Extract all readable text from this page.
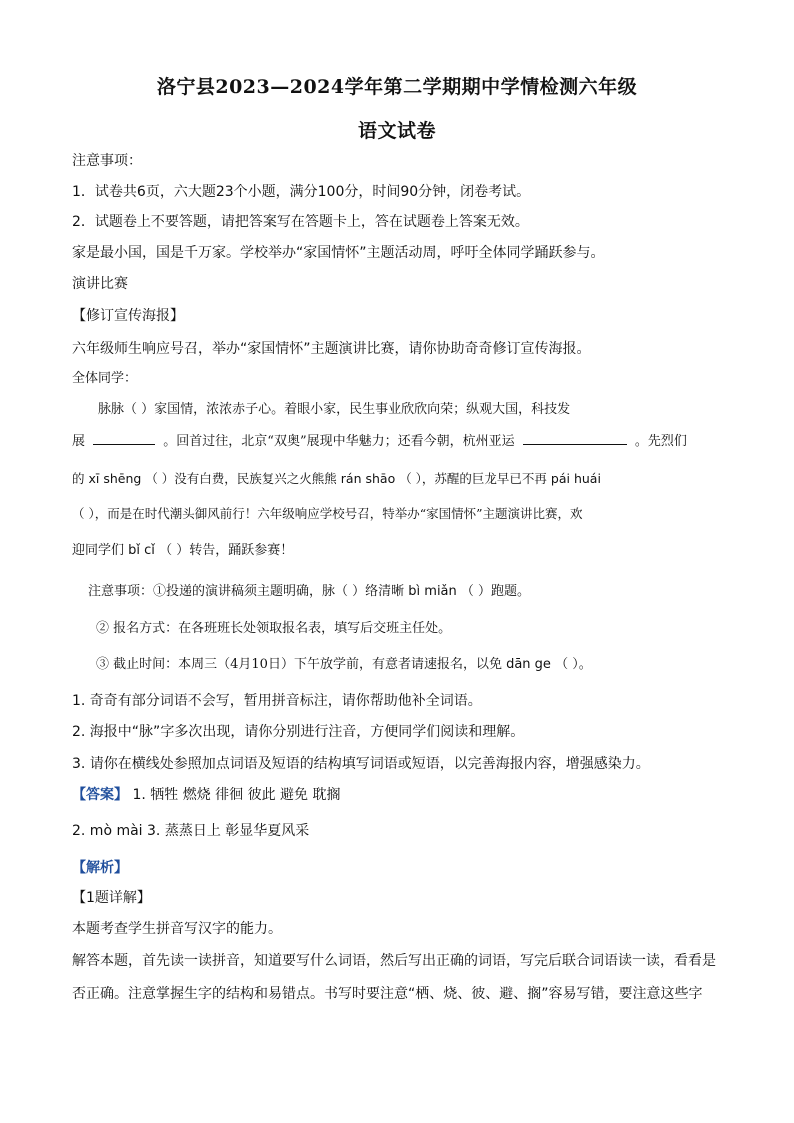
洛宁县2023—2024学年第二学期期中学情检测六年级
语文试卷
注意事项：
1．试卷共6页，六大题23个小题，满分100分，时间90分钟，闭卷考试。
2．试题卷上不要答题，请把答案写在答题卡上，答在试题卷上答案无效。
家是最小国，国是千万家。学校举办“家国情怀”主题活动周，呼吁全体同学踊跃参与。
演讲比赛
【修订宣传海报】
六年级师生响应号召，举办“家国情怀”主题演讲比赛，请你协助奇奇修订宣传海报。
全体同学：
脉脉（ ）家国情，浓浓赤子心。着眼小家，民生事业欣欣向荣；纵观大国，科技发
展	。回首过往，北京“双奥”展现中华魅力；还看今朝，杭州亚运	。先烈们
的 xī shēng （ ）没有白费，民族复兴之火熊熊 rán shāo （ ），苏醒的巨龙早已不再 pái huái
（ ），而是在时代潮头御风前行！六年级响应学校号召，特举办“家国情怀”主题演讲比赛，欢
迎同学们 bǐ cǐ （ ）转告，踊跃参赛！
注意事项：①投递的演讲稿须主题明确，脉（ ）络清晰 bì miǎn （ ）跑题。
② 报名方式：在各班班长处领取报名表，填写后交班主任处。
③ 截止时间：本周三（4月10日）下午放学前，有意者请速报名，以免 dān ge （ ）。
1. 奇奇有部分词语不会写，暂用拼音标注，请你帮助他补全词语。
2. 海报中“脉”字多次出现，请你分别进行注音，方便同学们阅读和理解。
3. 请你在横线处参照加点词语及短语的结构填写词语或短语，以完善海报内容，增强感染力。
【答案】 1. 牺牲 燃烧 徘徊 彼此 避免 耽搁
2. mò mài 3. 蒸蒸日上 彰显华夏风采
【解析】
【1题详解】
本题考查学生拼音写汉字的能力。
解答本题，首先读一读拼音，知道要写什么词语，然后写出正确的词语，写完后联合词语读一读，看看是
否正确。注意掌握生字的结构和易错点。书写时要注意“栖、烧、彼、避、搁”容易写错，要注意这些字
